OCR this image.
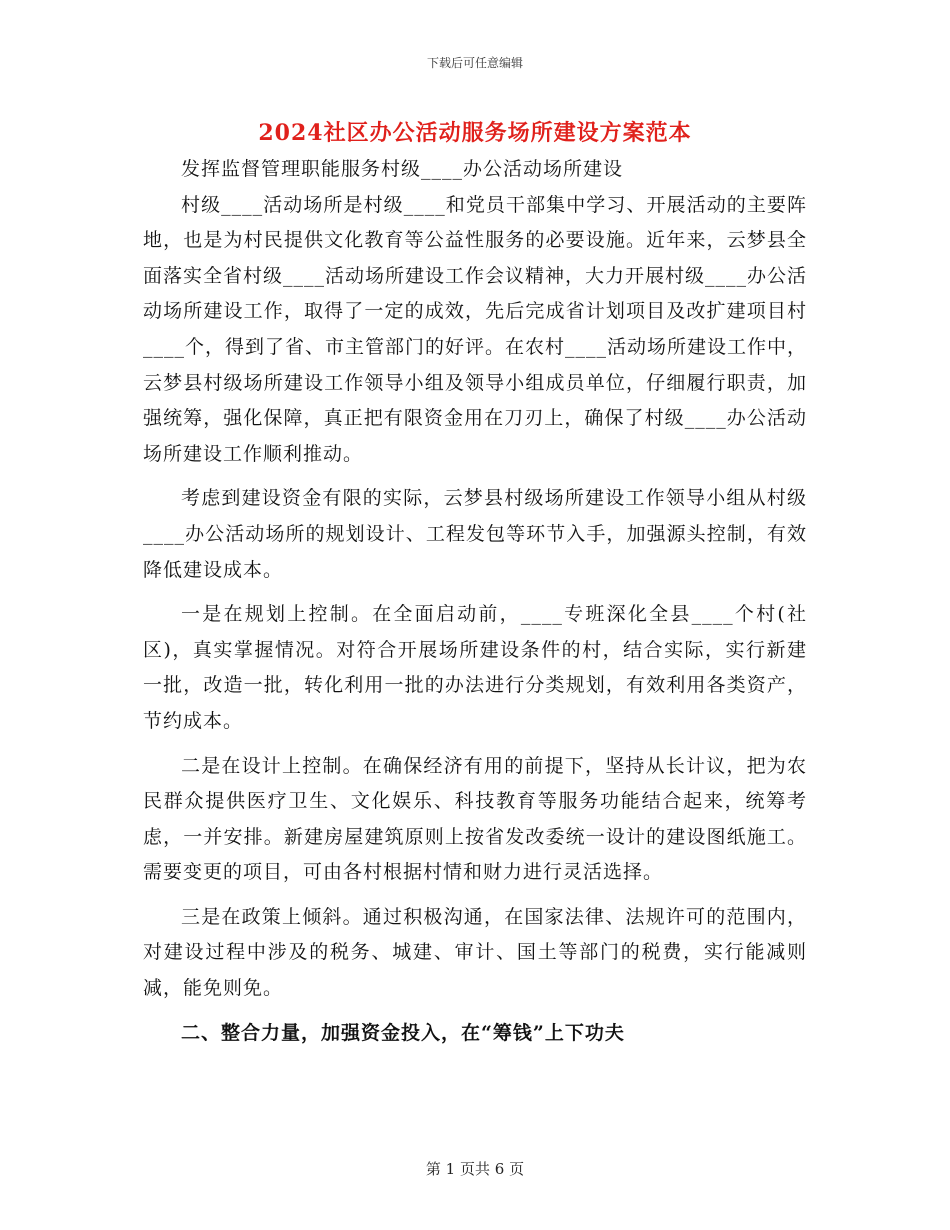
下载后可任意编辑
2024社区办公活动服务场所建设方案范本

发挥监督管理职能服务村级____办公活动场所建设

村级____活动场所是村级____和党员干部集中学习、开展活动的主要阵地，也是为村民提供文化教育等公益性服务的必要设施。近年来，云梦县全面落实全省村级____活动场所建设工作会议精神，大力开展村级____办公活动场所建设工作，取得了一定的成效，先后完成省计划项目及改扩建项目村____个，得到了省、市主管部门的好评。在农村____活动场所建设工作中，云梦县村级场所建设工作领导小组及领导小组成员单位，仔细履行职责，加强统筹，强化保障，真正把有限资金用在刀刃上，确保了村级____办公活动场所建设工作顺利推动。

考虑到建设资金有限的实际，云梦县村级场所建设工作领导小组从村级____办公活动场所的规划设计、工程发包等环节入手，加强源头控制，有效降低建设成本。

一是在规划上控制。在全面启动前，____专班深化全县____个村(社区)，真实掌握情况。对符合开展场所建设条件的村，结合实际，实行新建一批，改造一批，转化利用一批的办法进行分类规划，有效利用各类资产，节约成本。

二是在设计上控制。在确保经济有用的前提下，坚持从长计议，把为农民群众提供医疗卫生、文化娱乐、科技教育等服务功能结合起来，统筹考虑，一并安排。新建房屋建筑原则上按省发改委统一设计的建设图纸施工。需要变更的项目，可由各村根据村情和财力进行灵活选择。

三是在政策上倾斜。通过积极沟通，在国家法律、法规许可的范围内，对建设过程中涉及的税务、城建、审计、国土等部门的税费，实行能减则减，能免则免。

二、整合力量，加强资金投入，在“筹钱”上下功夫

第 1 页共 6 页
